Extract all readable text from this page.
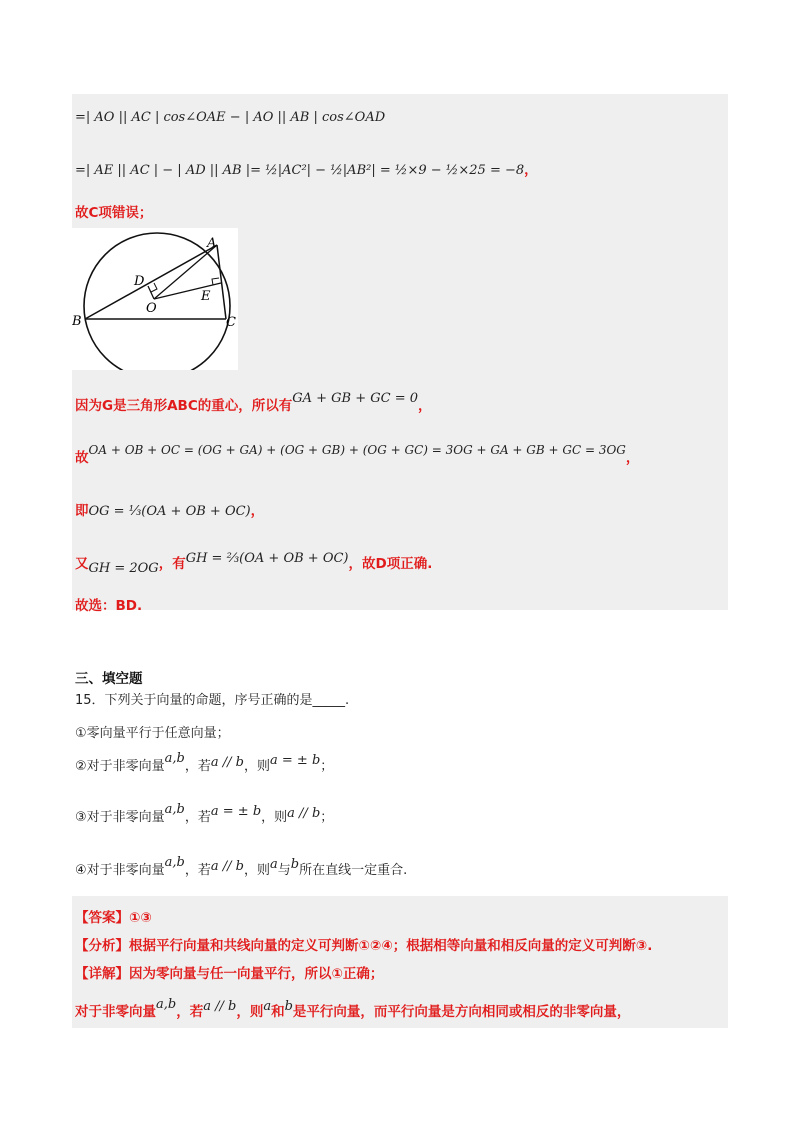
=| AO || AC | cos∠OAE − | AO || AB | cos∠OAD
=| AE || AC | − | AD || AB |= ½|AC²| − ½|AB²| = ½×9 − ½×25 = −8，
故C项错误；
A
B	C
D
E
O
因为G是三角形ABC的重心，所以有GA + GB + GC = 0，
故OA + OB + OC = (OG + GA) + (OG + GB) + (OG + GC) = 3OG + GA + GB + GC = 3OG，
即OG = ⅓(OA + OB + OC)，
又GH = 2OG，有GH = ⅔(OA + OB + OC)，故D项正确.
故选：BD.
三、填空题
15．下列关于向量的命题，序号正确的是_____.
①零向量平行于任意向量；
②对于非零向量a,b，若a // b，则a = ± b；
③对于非零向量a,b，若a = ± b，则a // b；
④对于非零向量a,b，若a // b，则a与b所在直线一定重合.
【答案】①③
【分析】根据平行向量和共线向量的定义可判断①②④；根据相等向量和相反向量的定义可判断③.
【详解】因为零向量与任一向量平行，所以①正确；
对于非零向量a,b，若a // b，则a和b是平行向量，而平行向量是方向相同或相反的非零向量，
